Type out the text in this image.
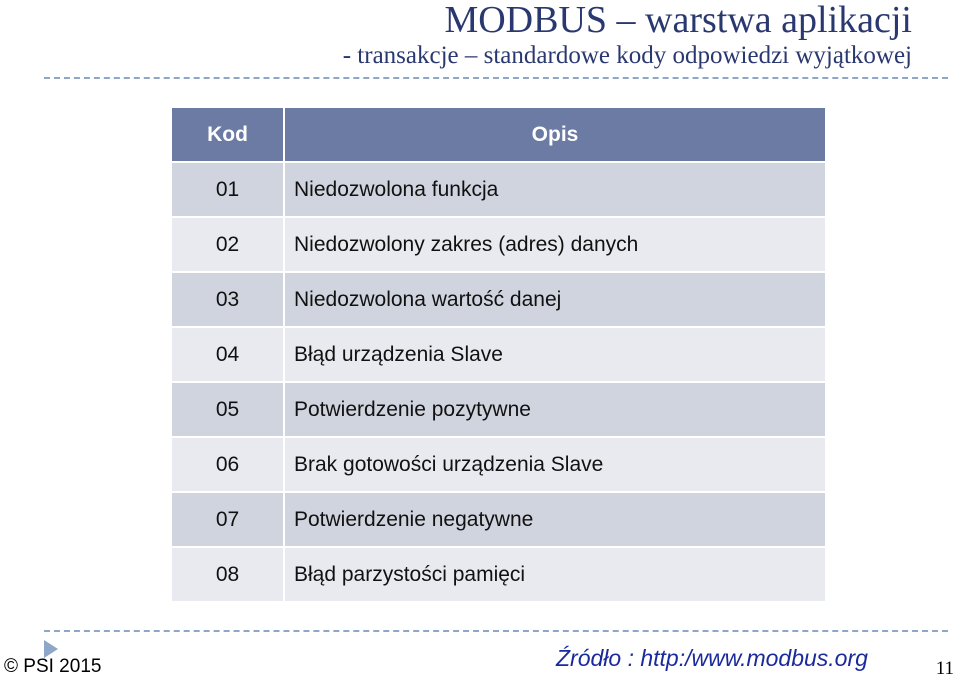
MODBUS – warstwa aplikacji
- transakcje – standardowe kody odpowiedzi wyjątkowej
Kod	Opis
01	Niedozwolona funkcja
02	Niedozwolony zakres (adres) danych
03	Niedozwolona wartość danej
04	Błąd urządzenia Slave
05	Potwierdzenie pozytywne
06	Brak gotowości urządzenia Slave
07	Potwierdzenie negatywne
08	Błąd parzystości pamięci
© PSI 2015	Źródło : http:/www.modbus.org	11
